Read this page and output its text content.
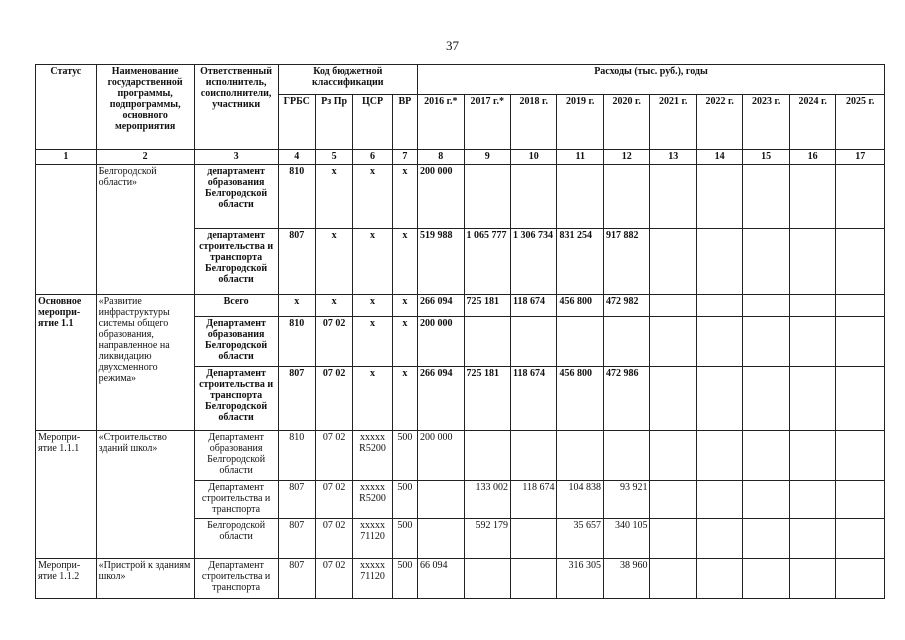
37
Статус	Наименование государственной программы, подпрограммы, основного мероприятия	Ответственный исполнитель, соисполнители, участники	Код бюджетной классификации				Расходы (тыс. руб.), годы									
			ГРБС	Рз Пр	ЦСР	ВР	2016 г.*	2017 г.*	2018 г.	2019 г.	2020 г.	2021 г.	2022 г.	2023 г.	2024 г.	2025 г.
1	2	3	4	5	6	7	8	9	10	11	12	13	14	15	16	17
	Белгородской области»	департамент образования Белгородской области	810	х	х	х	200 000									
		департамент строительства и транспорта Белгородской области	807	х	х	х	519 988	1 065 777	1 306 734	831 254	917 882					
Основное меропри-ятие 1.1	«Развитие инфраструктуры системы общего образования, направленное на ликвидацию двухсменного режима»	Всего	х	х	х	х	266 094	725 181	118 674	456 800	472 982					
		Департамент образования Белгородской области	810	07 02	х	х	200 000									
		Департамент строительства и транспорта Белгородской области	807	07 02	х	х	266 094	725 181	118 674	456 800	472 986					
Меропри-ятие 1.1.1	«Строительство зданий школ»	Департамент образования Белгородской области	810	07 02	xxxxx R5200	500	200 000									
		Департамент строительства и транспорта	807	07 02	xxxxx R5200	500		133 002	118 674	104 838	93 921					
		Белгородской области	807	07 02	xxxxx 71120	500		592 179		35 657	340 105					
Меропри-ятие 1.1.2	«Пристрой к зданиям школ»	Департамент строительства и транспорта	807	07 02	xxxxx 71120	500	66 094			316 305	38 960					
